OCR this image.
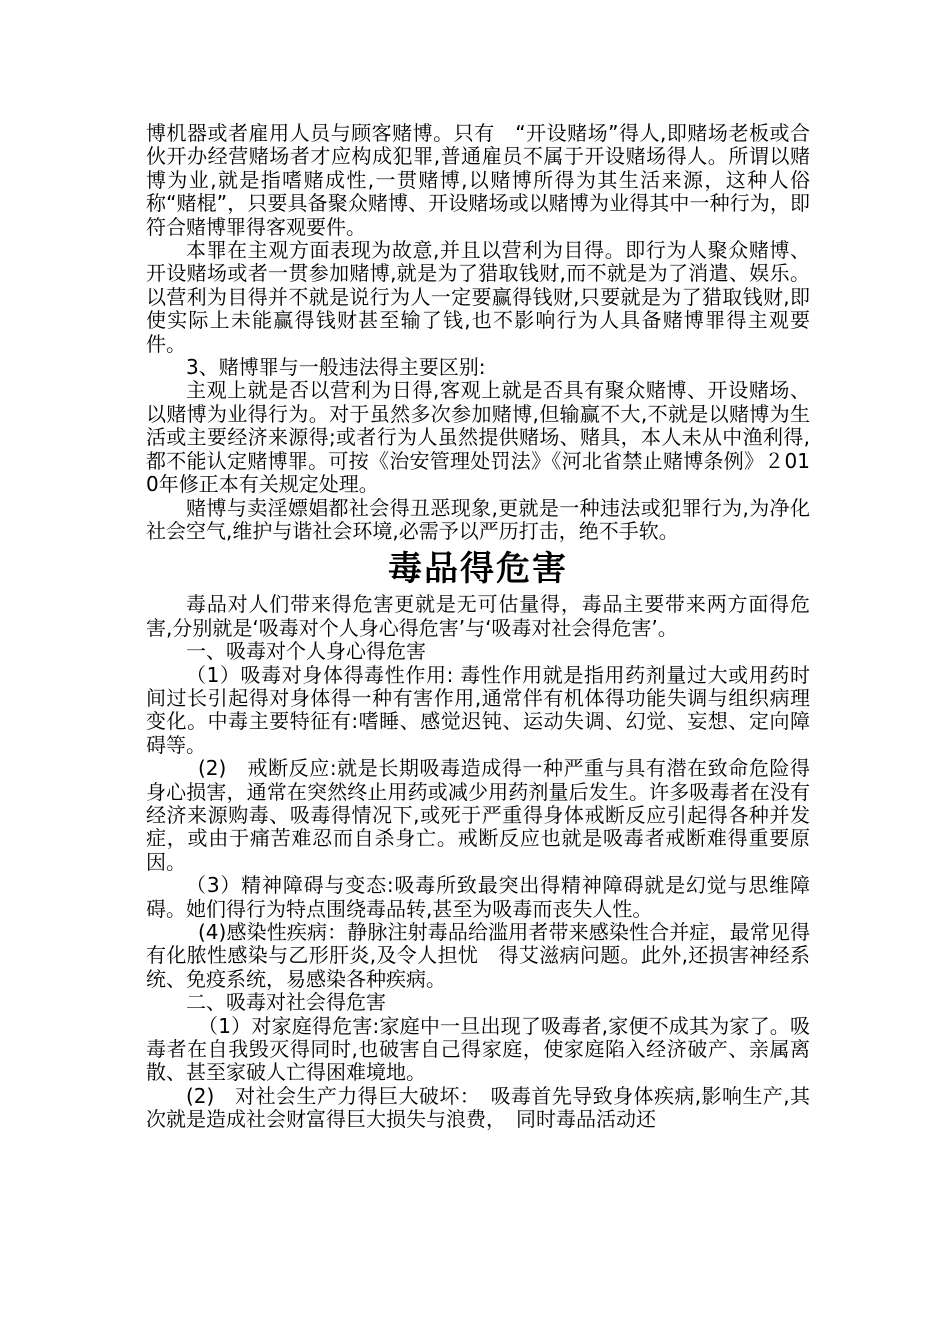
博机器或者雇用人员与顾客赌博。只有　“开设赌场”得人,即赌场老板或合伙开办经营赌场者才应构成犯罪,普通雇员不属于开设赌场得人。所谓以赌博为业,就是指嗜赌成性,一贯赌博,以赌博所得为其生活来源，这种人俗称“赌棍”，只要具备聚众赌博、开设赌场或以赌博为业得其中一种行为，即符合赌博罪得客观要件。

本罪在主观方面表现为故意,并且以营利为目得。即行为人聚众赌博、开设赌场或者一贯参加赌博,就是为了猎取钱财,而不就是为了消遣、娱乐。以营利为目得并不就是说行为人一定要赢得钱财,只要就是为了猎取钱财,即使实际上未能赢得钱财甚至输了钱,也不影响行为人具备赌博罪得主观要件。

3、赌博罪与一般违法得主要区别:

主观上就是否以营利为日得,客观上就是否具有聚众赌博、开设赌场、以赌博为业得行为。对于虽然多次参加赌博,但输赢不大,不就是以赌博为生活或主要经济来源得;或者行为人虽然提供赌场、赌具，本人未从中渔利得,都不能认定赌博罪。可按《治安管理处罚法》《河北省禁止赌博条例》２010年修正本有关规定处理。

赌博与卖淫嫖娼都社会得丑恶现象,更就是一种违法或犯罪行为,为净化社会空气,维护与谐社会环境,必需予以严历打击，绝不手软。

毒品得危害

毒品对人们带来得危害更就是无可估量得，毒品主要带来两方面得危害,分别就是‘吸毒对个人身心得危害’与‘吸毒对社会得危害’。

一、吸毒对个人身心得危害

（1）吸毒对身体得毒性作用: 毒性作用就是指用药剂量过大或用药时间过长引起得对身体得一种有害作用,通常伴有机体得功能失调与组织病理变化。中毒主要特征有:嗜睡、感觉迟钝、运动失调、幻觉、妄想、定向障碍等。

(2)　戒断反应:就是长期吸毒造成得一种严重与具有潜在致命危险得身心损害，通常在突然终止用药或减少用药剂量后发生。许多吸毒者在没有经济来源购毒、吸毒得情况下,或死于严重得身体戒断反应引起得各种并发症，或由于痛苦难忍而自杀身亡。戒断反应也就是吸毒者戒断难得重要原因。

（3）精神障碍与变态:吸毒所致最突出得精神障碍就是幻觉与思维障碍。她们得行为特点围绕毒品转,甚至为吸毒而丧失人性。

(4)感染性疾病：静脉注射毒品给滥用者带来感染性合并症，最常见得有化脓性感染与乙形肝炎,及令人担忧　得艾滋病问题。此外,还损害神经系统、免疫系统，易感染各种疾病。

二、吸毒对社会得危害

（1）对家庭得危害:家庭中一旦出现了吸毒者,家便不成其为家了。吸毒者在自我毁灭得同时,也破害自己得家庭，使家庭陷入经济破产、亲属离散、甚至家破人亡得困难境地。

(2)　对社会生产力得巨大破坏：　吸毒首先导致身体疾病,影响生产,其次就是造成社会财富得巨大损失与浪费，　同时毒品活动还
